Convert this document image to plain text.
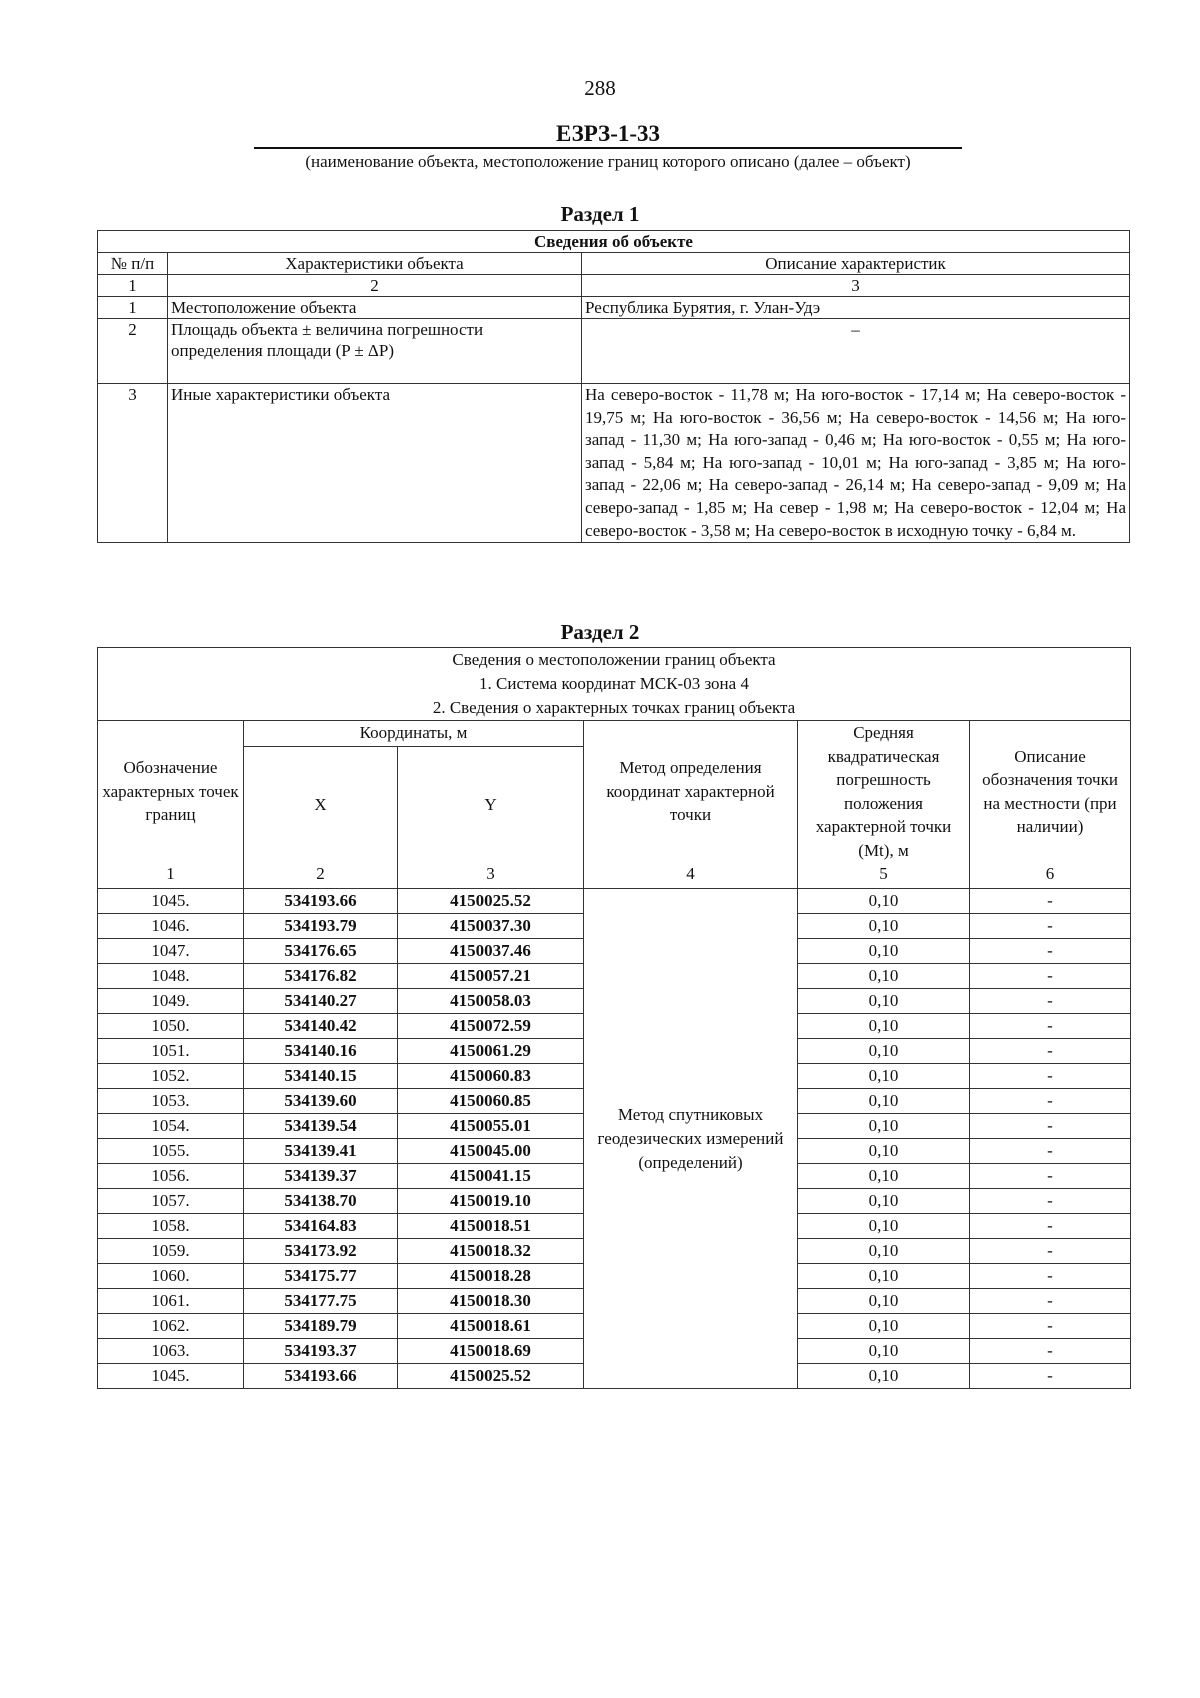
288
ЕЗРЗ-1-33
(наименование объекта, местоположение границ которого описано (далее – объект)
Раздел 1
Сведения об объекте		
№ п/п	Характеристики объекта	Описание характеристик
1	2	3
1	Местоположение объекта	Республика Бурятия, г. Улан-Удэ
2	Площадь объекта ± величина погрешности определения площади (P ± ΔP)	–
3	Иные характеристики объекта	На северо-восток - 11,78 м; На юго-восток - 17,14 м; На северо-восток - 19,75 м; На юго-восток - 36,56 м; На северо-восток - 14,56 м; На юго-запад - 11,30 м; На юго-запад - 0,46 м; На юго-восток - 0,55 м; На юго-запад - 5,84 м; На юго-запад - 10,01 м; На юго-запад - 3,85 м; На юго-запад - 22,06 м; На северо-запад - 26,14 м; На северо-запад - 9,09 м; На северо-запад - 1,85 м; На север - 1,98 м; На северо-восток - 12,04 м; На северо-восток - 3,58 м; На северо-восток в исходную точку - 6,84 м.
Раздел 2
Сведения о местоположении границ объекта
1. Система координат МСК-03 зона 4
2. Сведения о характерных точках границ объекта					

Обозначение характерных точек границ	Координаты, м		Метод определения координат характерной точки	Средняя квадратическая погрешность положения характерной точки (Mt), м	Описание обозначения точки на местности (при наличии)
	X	Y			
1	2	3	4	5	6
1045.	534193.66	4150025.52	Метод спутниковых геодезических измерений (определений)	0,10	-
1046.	534193.79	4150037.30		0,10	-
1047.	534176.65	4150037.46		0,10	-
1048.	534176.82	4150057.21		0,10	-
1049.	534140.27	4150058.03		0,10	-
1050.	534140.42	4150072.59		0,10	-
1051.	534140.16	4150061.29		0,10	-
1052.	534140.15	4150060.83		0,10	-
1053.	534139.60	4150060.85		0,10	-
1054.	534139.54	4150055.01		0,10	-
1055.	534139.41	4150045.00		0,10	-
1056.	534139.37	4150041.15		0,10	-
1057.	534138.70	4150019.10		0,10	-
1058.	534164.83	4150018.51		0,10	-
1059.	534173.92	4150018.32		0,10	-
1060.	534175.77	4150018.28		0,10	-
1061.	534177.75	4150018.30		0,10	-
1062.	534189.79	4150018.61		0,10	-
1063.	534193.37	4150018.69		0,10	-
1045.	534193.66	4150025.52		0,10	-
